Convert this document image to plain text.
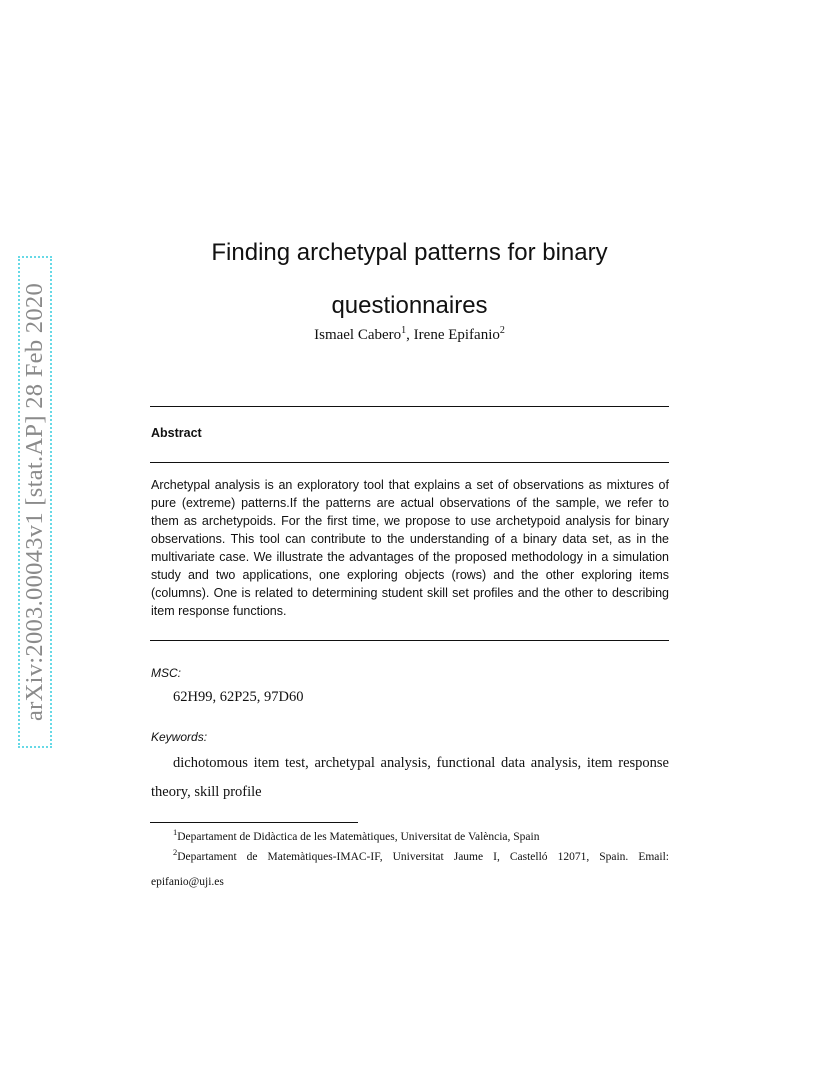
arXiv:2003.00043v1 [stat.AP] 28 Feb 2020
Finding archetypal patterns for binary questionnaires
Ismael Cabero$^1$, Irene Epifanio$^2$
Abstract

Archetypal analysis is an exploratory tool that explains a set of observations as mixtures of pure (extreme) patterns.If the patterns are actual observations of the sample, we refer to them as archetypoids. For the first time, we propose to use archetypoid analysis for binary observations. This tool can contribute to the understanding of a binary data set, as in the multivariate case. We illustrate the advantages of the proposed methodology in a simulation study and two applications, one exploring objects (rows) and the other exploring items (columns). One is related to determining student skill set profiles and the other to describing item response functions.

MSC:
62H99, 62P25, 97D60
Keywords:

dichotomous item test, archetypal analysis, functional data analysis, item response theory, skill profile

$^1$Departament de Didàctica de les Matemàtiques, Universitat de València, Spain

$^2$Departament de Matemàtiques-IMAC-IF, Universitat Jaume I, Castelló 12071, Spain. Email: epifanio@uji.es
